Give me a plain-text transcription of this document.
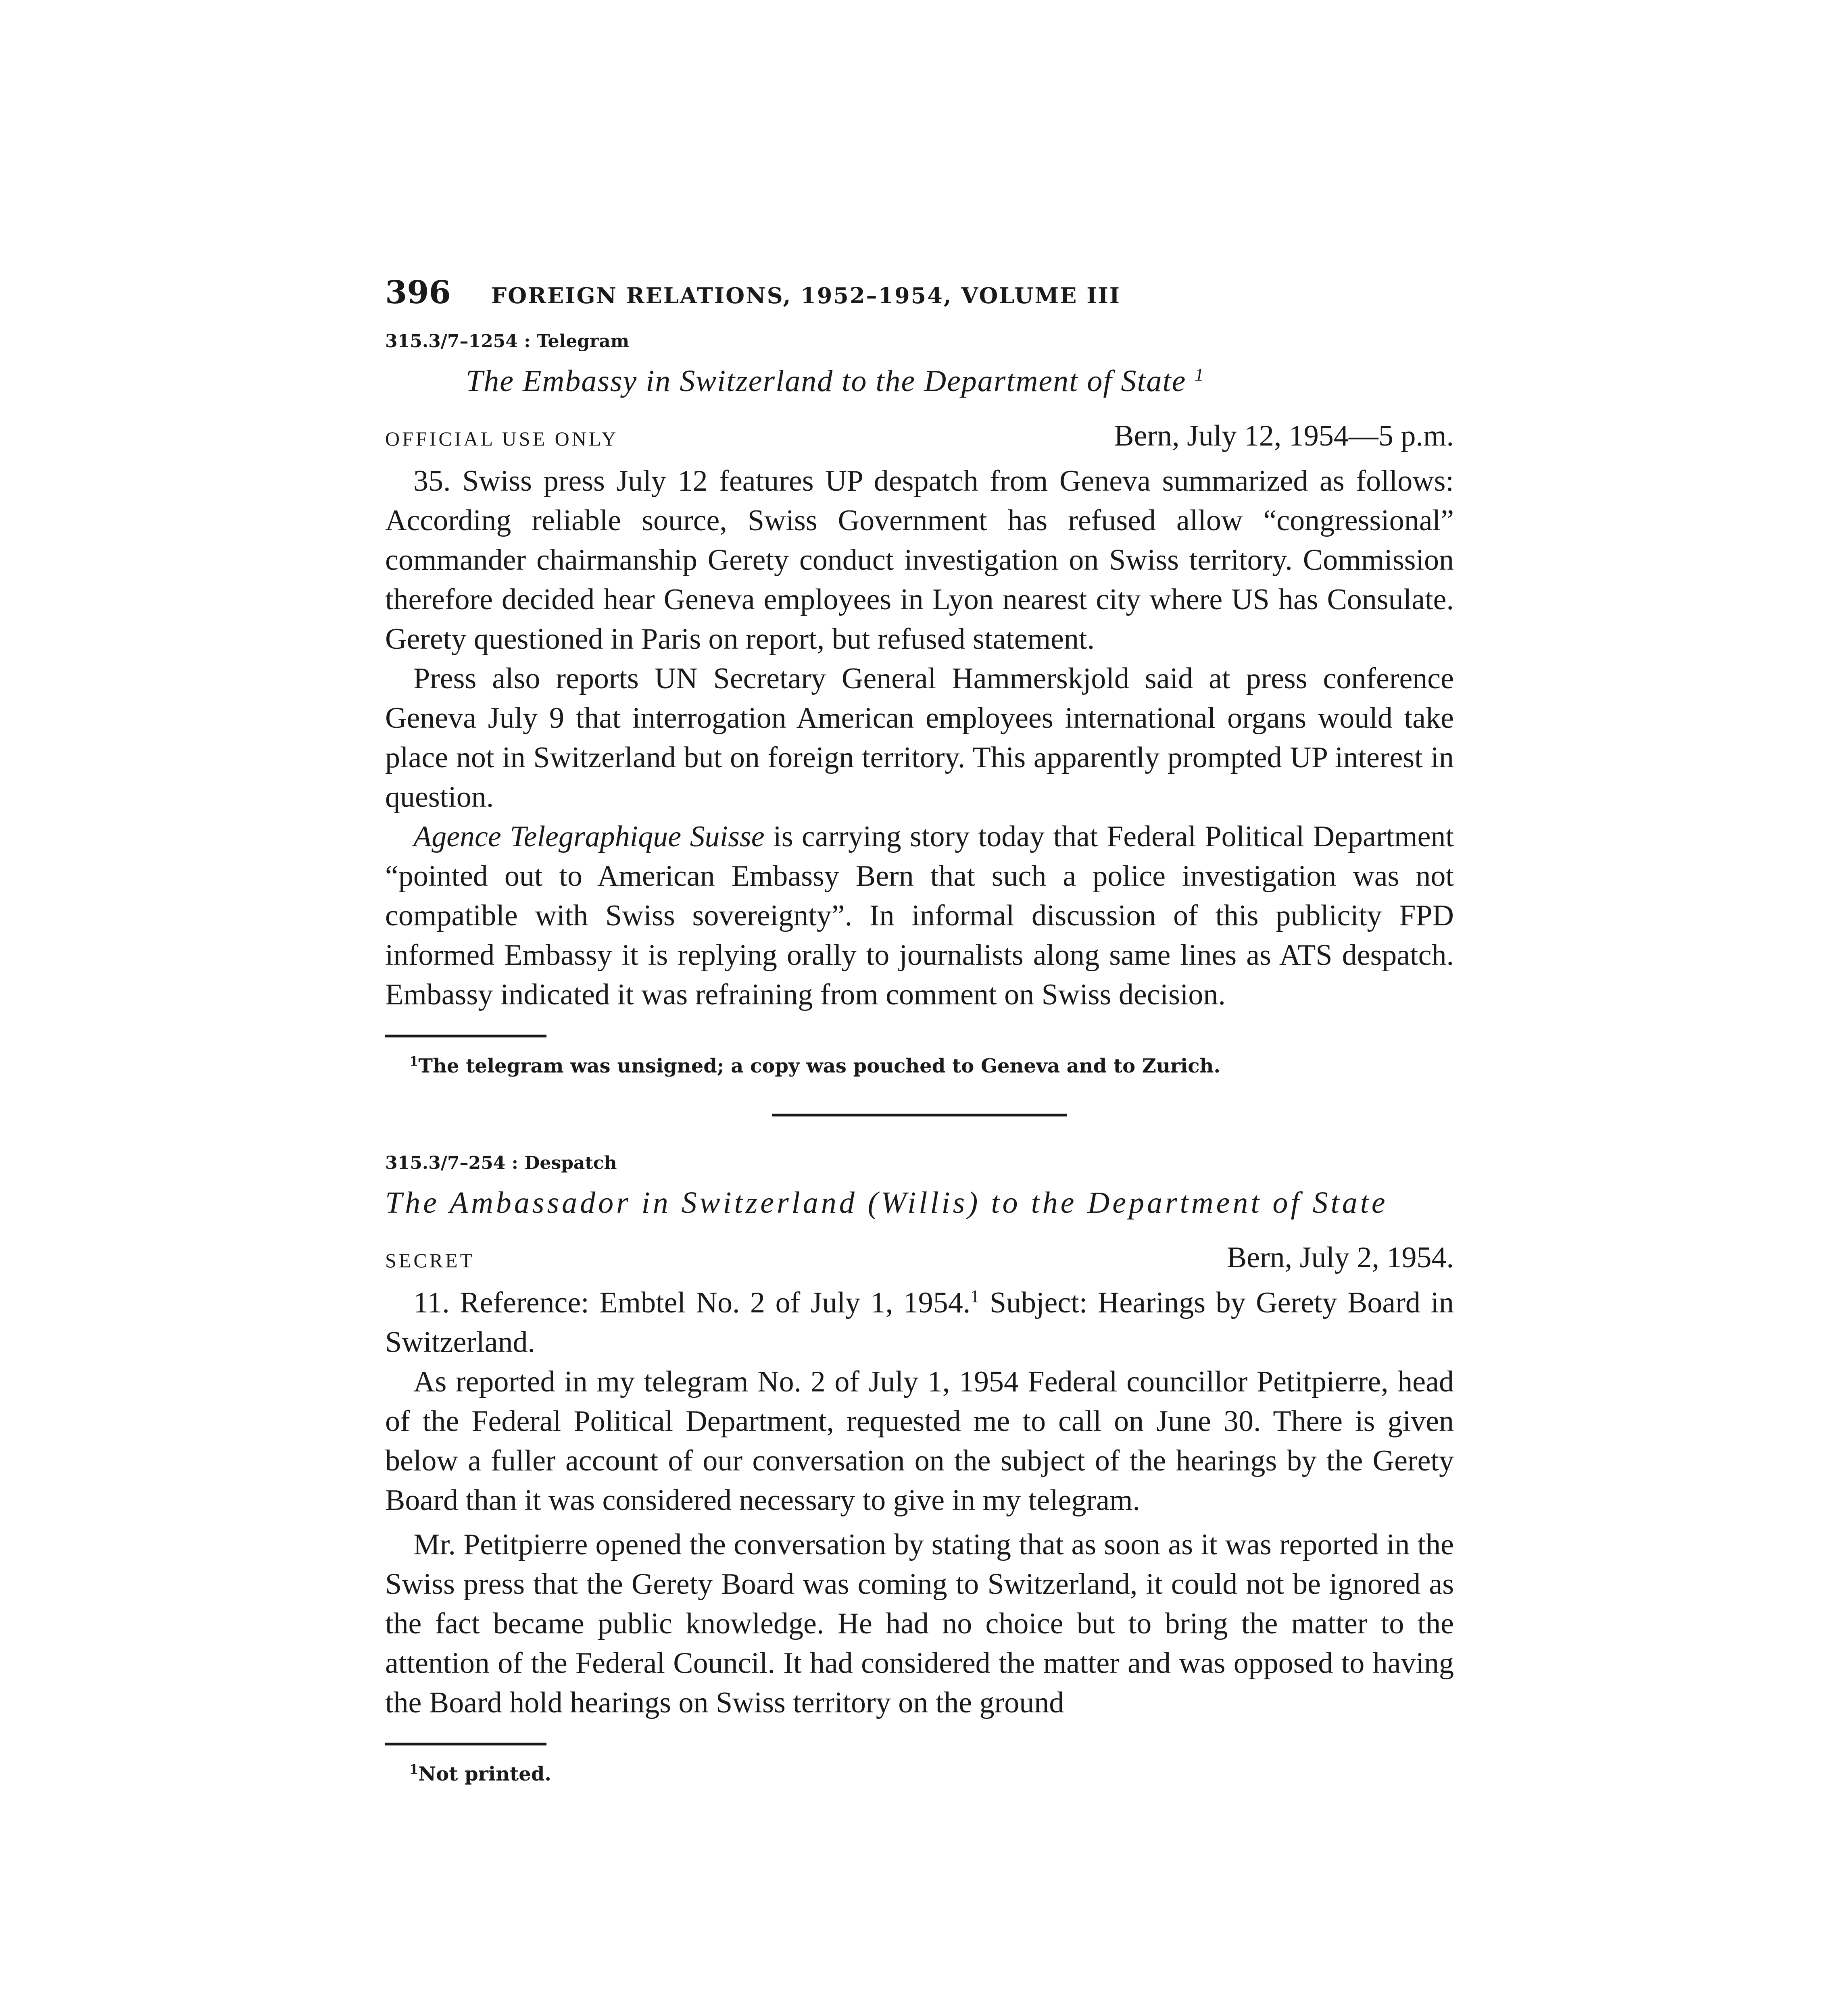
396 FOREIGN RELATIONS, 1952–1954, VOLUME III
315.3/7–1254 : Telegram
The Embassy in Switzerland to the Department of State $^1$
OFFICIAL USE ONLY	Bern, July 12, 1954—5 p.m.

35. Swiss press July 12 features UP despatch from Geneva summarized as follows: According reliable source, Swiss Government has refused allow “congressional” commander chairmanship Gerety conduct investigation on Swiss territory. Commission therefore decided hear Geneva employees in Lyon nearest city where US has Consulate. Gerety questioned in Paris on report, but refused statement.

Press also reports UN Secretary General Hammerskjold said at press conference Geneva July 9 that interrogation American employees international organs would take place not in Switzerland but on foreign territory. This apparently prompted UP interest in question.

Agence Telegraphique Suisse is carrying story today that Federal Political Department “pointed out to American Embassy Bern that such a police investigation was not compatible with Swiss sovereignty”. In informal discussion of this publicity FPD informed Embassy it is replying orally to journalists along same lines as ATS despatch. Embassy indicated it was refraining from comment on Swiss decision.

$^1$The telegram was unsigned; a copy was pouched to Geneva and to Zurich.

315.3/7–254 : Despatch
The Ambassador in Switzerland (Willis) to the Department of State
SECRET	Bern, July 2, 1954.

11. Reference: Embtel No. 2 of July 1, 1954.$^1$ Subject: Hearings by Gerety Board in Switzerland.

As reported in my telegram No. 2 of July 1, 1954 Federal councillor Petitpierre, head of the Federal Political Department, requested me to call on June 30. There is given below a fuller account of our conversation on the subject of the hearings by the Gerety Board than it was considered necessary to give in my telegram.

Mr. Petitpierre opened the conversation by stating that as soon as it was reported in the Swiss press that the Gerety Board was coming to Switzerland, it could not be ignored as the fact became public knowledge. He had no choice but to bring the matter to the attention of the Federal Council. It had considered the matter and was opposed to having the Board hold hearings on Swiss territory on the ground

$^1$Not printed.
